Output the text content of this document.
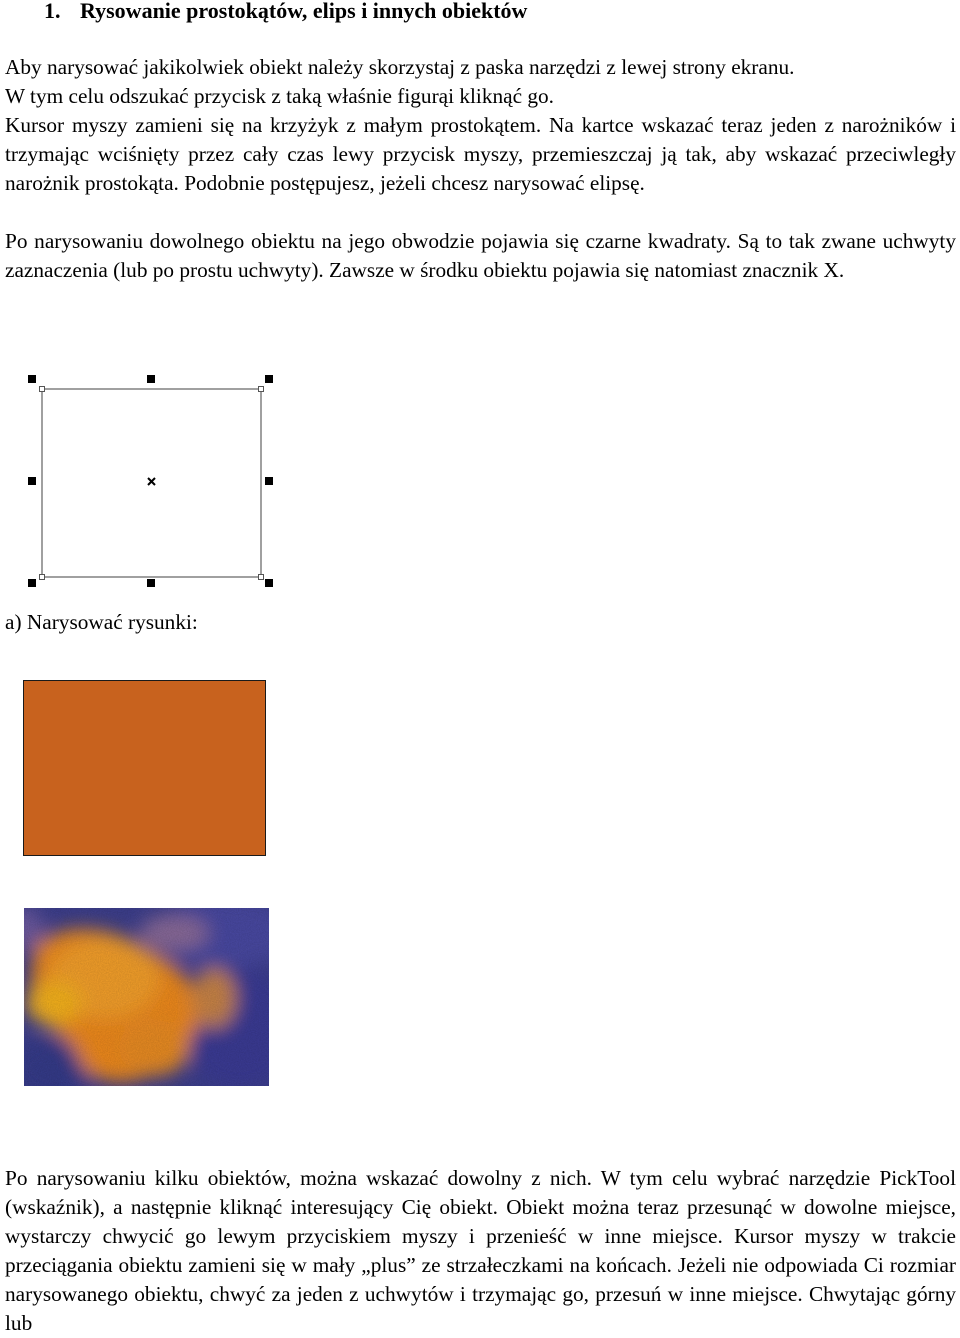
1. Rysowanie prostokątów, elips i innych obiektów
Aby narysować jakikolwiek obiekt należy skorzystaj z paska narzędzi z lewej strony ekranu.
W tym celu odszukać przycisk z taką właśnie figurąi kliknąć go.

Kursor myszy zamieni się na krzyżyk z małym prostokątem. Na kartce wskazać teraz jeden z narożników i trzymając wciśnięty przez cały czas lewy przycisk myszy, przemieszczaj ją tak, aby wskazać przeciwległy narożnik prostokąta. Podobnie postępujesz, jeżeli chcesz narysować elipsę.

Po narysowaniu dowolnego obiektu na jego obwodzie pojawia się czarne kwadraty. Są to tak zwane uchwyty zaznaczenia (lub po prostu uchwyty). Zawsze w środku obiektu pojawia się natomiast znacznik X.

a) Narysować rysunki:

Po narysowaniu kilku obiektów, można wskazać dowolny z nich. W tym celu wybrać narzędzie PickTool (wskaźnik), a następnie kliknąć interesujący Cię obiekt. Obiekt można teraz przesunąć w dowolne miejsce, wystarczy chwycić go lewym przyciskiem myszy i przenieść w inne miejsce. Kursor myszy w trakcie przeciągania obiektu zamieni się w mały „plus” ze strzałeczkami na końcach. Jeżeli nie odpowiada Ci rozmiar narysowanego obiektu, chwyć za jeden z uchwytów i trzymając go, przesuń w inne miejsce. Chwytając górny lub
